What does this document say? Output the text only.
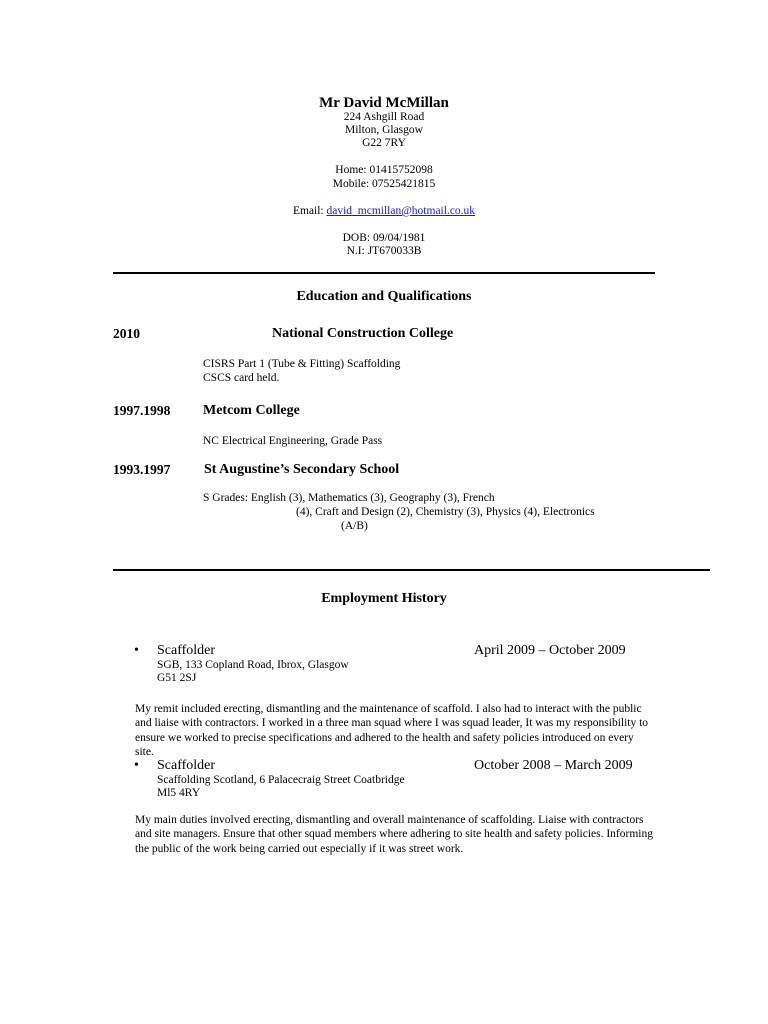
Mr David McMillan
224 Ashgill Road
Milton, Glasgow
G22 7RY
Home: 01415752098
Mobile: 07525421815
Email: david_mcmillan@hotmail.co.uk
DOB: 09/04/1981
N.I: JT670033B
Education and Qualifications
2010	National Construction College
CISRS Part 1 (Tube & Fitting) Scaffolding
CSCS card held.
1997.1998 Metcom College
NC Electrical Engineering, Grade Pass
1993.1997 St Augustine’s Secondary School
S Grades: English (3), Mathematics (3), Geography (3), French
(4), Craft and Design (2), Chemistry (3), Physics (4), Electronics
(A/B)
Employment History
• Scaffolder	April 2009 – October 2009
SGB, 133 Copland Road, Ibrox, Glasgow
G51 2SJ
My remit included erecting, dismantling and the maintenance of scaffold. I also had to interact with the public and liaise with contractors. I worked in a three man squad where I was squad leader, It was my responsibility to ensure we worked to precise specifications and adhered to the health and safety policies introduced on every site.
• Scaffolder	October 2008 – March 2009
Scaffolding Scotland, 6 Palacecraig Street Coatbridge
Ml5 4RY
My main duties involved erecting, dismantling and overall maintenance of scaffolding. Liaise with contractors and site managers. Ensure that other squad members where adhering to site health and safety policies. Informing the public of the work being carried out especially if it was street work.
